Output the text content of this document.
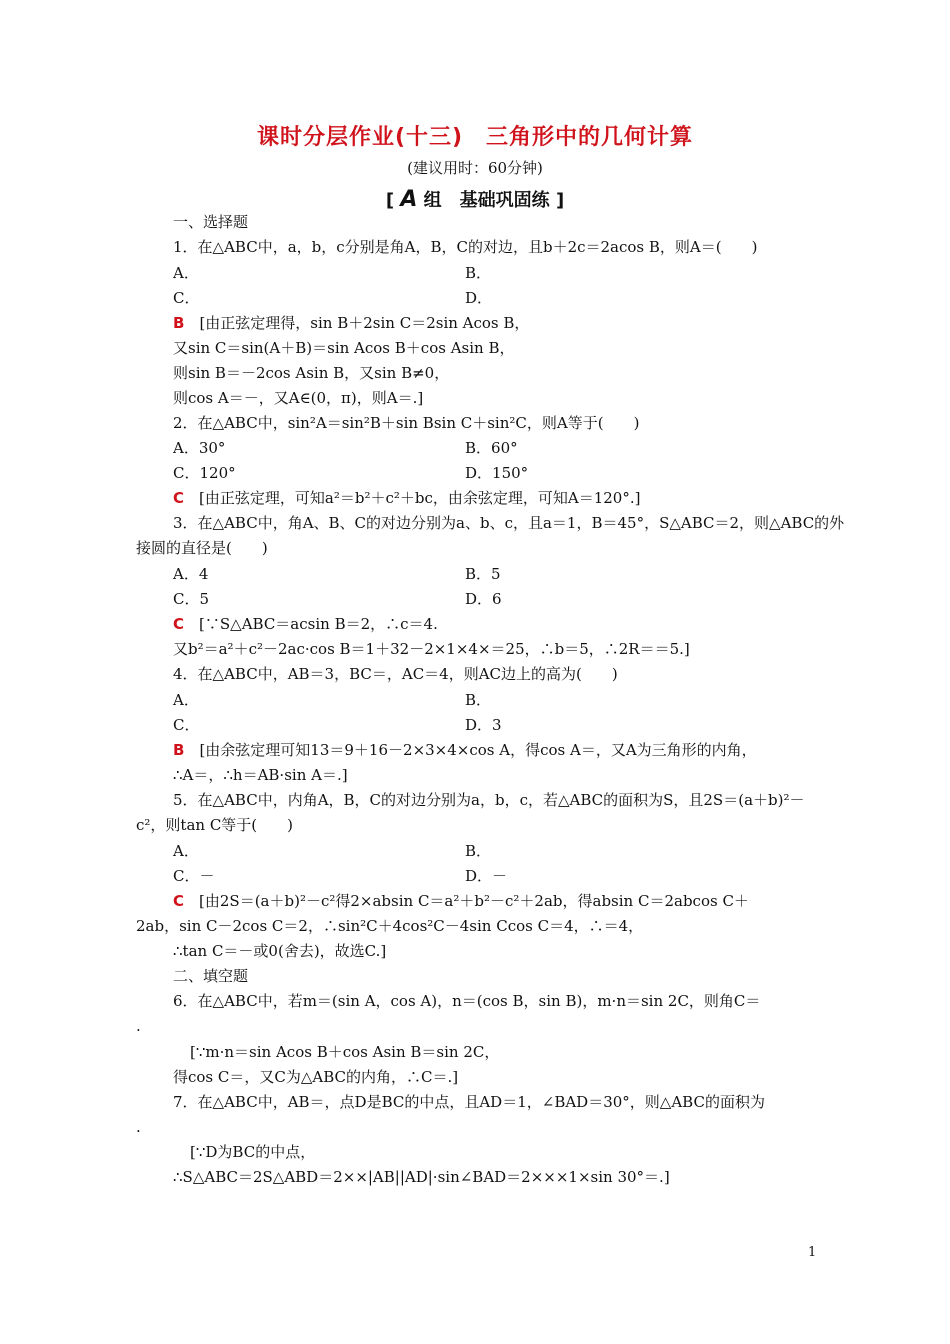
课时分层作业(十三)　三角形中的几何计算
(建议用时：60分钟)
[ A 组　基础巩固练 ]
一、选择题
1．在△ABC中，a，b，c分别是角A，B，C的对边，且b＋2c＝2acos B，则A＝(　　)
A．	B．
C．	D．
B　 [由正弦定理得，sin B＋2sin C＝2sin Acos B，
又sin C＝sin(A＋B)＝sin Acos B＋cos Asin B，
则sin B＝－2cos Asin B，又sin B≠0，
则cos A＝－，又A∈(0，π)，则A＝.]
2．在△ABC中，sin²A＝sin²B＋sin Bsin C＋sin²C，则A等于(　　)
A．30°	B．60°
C．120°	D．150°
C　 [由正弦定理，可知a²＝b²＋c²＋bc，由余弦定理，可知A＝120°.]
3．在△ABC中，角A、B、C的对边分别为a、b、c，且a＝1，B＝45°，S△ABC＝2，则△ABC的外
接圆的直径是(　　)
A．4	B．5
C．5	D．6
C　 [∵S△ABC＝acsin B＝2，∴c＝4.
又b²＝a²＋c²－2ac·cos B＝1＋32－2×1×4×＝25，∴b＝5，∴2R＝＝5.]
4．在△ABC中，AB＝3，BC＝，AC＝4，则AC边上的高为(　　)
A．	B．
C．	D．3
B　 [由余弦定理可知13＝9＋16－2×3×4×cos A，得cos A＝，又A为三角形的内角，
∴A＝，∴h＝AB·sin A＝.]
5．在△ABC中，内角A，B，C的对边分别为a，b，c，若△ABC的面积为S，且2S＝(a＋b)²－
c²，则tan C等于(　　)
A．	B．
C．－	D．－
C　 [由2S＝(a＋b)²－c²得2×absin C＝a²＋b²－c²＋2ab，得absin C＝2abcos C＋
2ab，sin C－2cos C＝2，∴sin²C＋4cos²C－4sin Ccos C＝4，∴＝4，
∴tan C＝－或0(舍去)，故选C.]
二、填空题
6．在△ABC中，若m＝(sin A，cos A)，n＝(cos B，sin B)，m·n＝sin 2C，则角C＝
.
[∵m·n＝sin Acos B＋cos Asin B＝sin 2C，
得cos C＝，又C为△ABC的内角，∴C＝.]
7．在△ABC中，AB＝，点D是BC的中点，且AD＝1，∠BAD＝30°，则△ABC的面积为
.
[∵D为BC的中点，
∴S△ABC＝2S△ABD＝2××|AB||AD|·sin∠BAD＝2×××1×sin 30°＝.]
1
